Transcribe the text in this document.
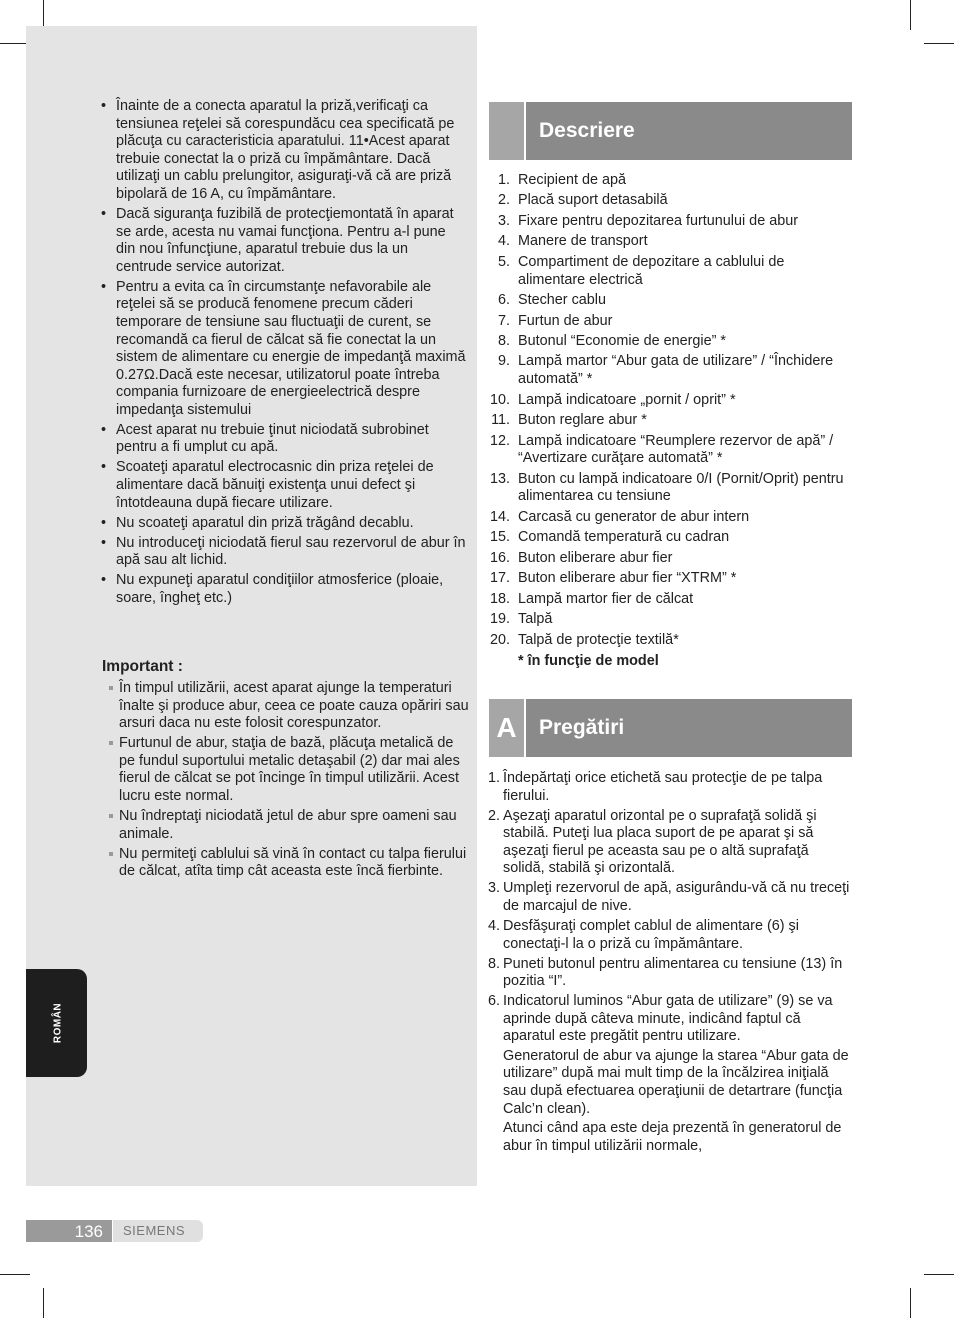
• Înainte de a conecta aparatul la priză,verificaţi ca tensiunea reţelei să corespundăcu cea specificată pe plăcuţa cu caracteristicia aparatului. 11•Acest aparat trebuie conectat la o priză cu împământare. Dacă utilizaţi un cablu prelungitor, asiguraţi-vă că are priză bipolară de 16 A, cu împământare.
• Dacă siguranţa fuzibilă de protecţiemontată în aparat se arde, acesta nu vamai funcţiona. Pentru a-l pune din nou înfuncţiune, aparatul trebuie dus la un centrude service autorizat.
• Pentru a evita ca în circumstanţe nefavorabile ale reţelei să se producă fenomene precum căderi temporare de tensiune sau fluctuaţii de curent, se recomandă ca fierul de călcat să fie conectat la un sistem de alimentare cu energie de impedanţă maximă 0.27Ω.Dacă este necesar, utilizatorul poate întreba compania furnizoare de energieelectrică despre impedanţa sistemului
• Acest aparat nu trebuie ţinut niciodată subrobinet pentru a fi umplut cu apă.
• Scoateţi aparatul electrocasnic din priza reţelei de alimentare dacă bănuiţi existenţa unui defect şi întotdeauna după fiecare utilizare.
• Nu scoateţi aparatul din priză trăgând decablu.
• Nu introduceţi niciodată fierul sau rezervorul de abur în apă sau alt lichid.
• Nu expuneţi aparatul condiţiilor atmosferice (ploaie, soare, îngheţ etc.)
Important :
În timpul utilizării, acest aparat ajunge la temperaturi înalte şi produce abur, ceea ce poate cauza opăriri sau arsuri daca nu este folosit corespunzator.
Furtunul de abur, staţia de bază, plăcuţa metalică de pe fundul suportului metalic detaşabil (2) dar mai ales fierul de călcat se pot încinge în timpul utilizării. Acest lucru este normal.
Nu îndreptaţi niciodată jetul de abur spre oameni sau animale.
Nu permiteţi cablului să vină în contact cu talpa fierului de călcat, atîta timp cât aceasta este încă fierbinte.
ROMÂN
Descriere
1. Recipient de apă
2. Placă suport detasabilă
3. Fixare pentru depozitarea furtunului de abur
4. Manere de transport
5. Compartiment de depozitare a cablului de alimentare electrică
6. Stecher cablu
7. Furtun de abur
8. Butonul “Economie de energie” *
9. Lampă martor “Abur gata de utilizare” / “Închidere automată” *
10. Lampă indicatoare „pornit / oprit” *
11. Buton reglare abur *
12. Lampă indicatoare “Reumplere rezervor de apă” / “Avertizare curăţare automată” *
13. Buton cu lampă indicatoare 0/I (Pornit/Oprit) pentru alimentarea cu tensiune
14. Carcasă cu generator de abur intern
15. Comandă temperatură cu cadran
16. Buton eliberare abur fier
17. Buton eliberare abur fier “XTRM” *
18. Lampă martor fier de călcat
19. Talpă
20. Talpă de protecţie textilă*
* în funcţie de model
A	Pregătiri
1. Îndepărtaţi orice etichetă sau protecţie de pe talpa fierului.

2. Aşezaţi aparatul orizontal pe o suprafaţă solidă şi stabilă. Puteţi lua placa suport de pe aparat şi să aşezaţi fierul pe aceasta sau pe o altă suprafaţă solidă, stabilă şi orizontală.

3. Umpleţi rezervorul de apă, asigurându-vă că nu treceţi de marcajul de nive.

4. Desfăşuraţi complet cablul de alimentare (6) şi conectaţi-l la o priză cu împământare.

8. Puneti butonul pentru alimentarea cu tensiune (13) în pozitia “I”.

6. Indicatorul luminos “Abur gata de utilizare” (9) se va aprinde după câteva minute, indicând faptul că aparatul este pregătit pentru utilizare.

Generatorul de abur va ajunge la starea “Abur gata de utilizare” după mai mult timp de la încălzirea iniţială sau după efectuarea operaţiunii de detartrare (funcţia Calc’n clean).

Atunci când apa este deja prezentă în generatorul de abur în timpul utilizării normale,

136 SIEMENS
